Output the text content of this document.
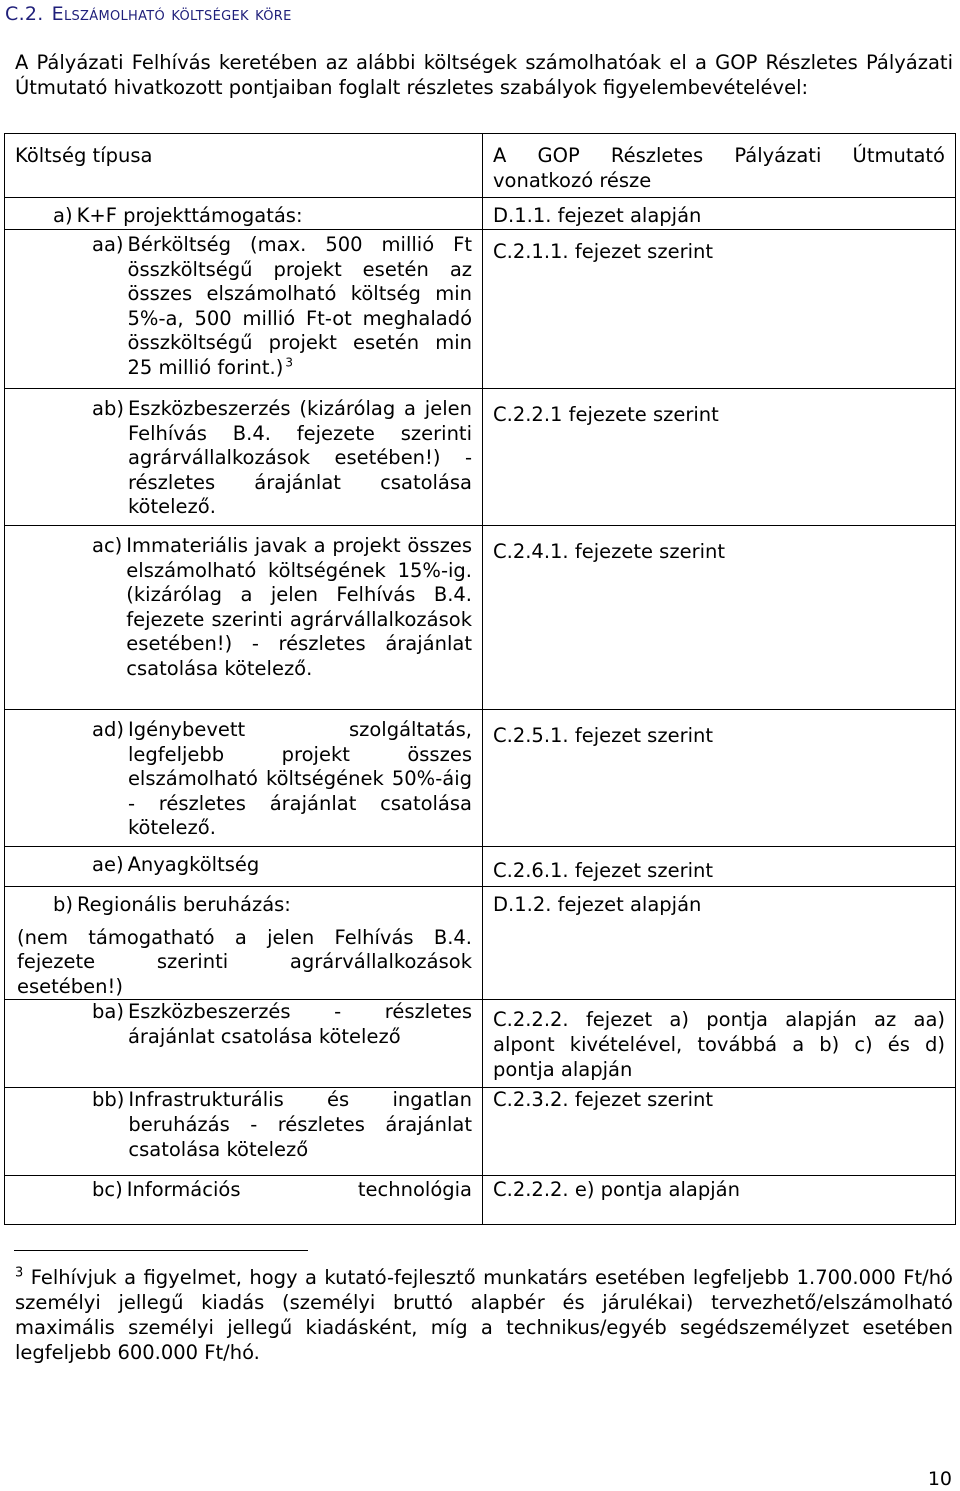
C.2. Elszámolható költségek köre
A Pályázati Felhívás keretében az alábbi költségek számolhatóak el a GOP Részletes Pályázati Útmutató hivatkozott pontjaiban foglalt részletes szabályok figyelembevételével:
Költség típusa	A GOP Részletes Pályázati Útmutató vonatkozó része

a) K+F projekttámogatás:	D.1.1. fejezet alapján

aa) Bérköltség (max. 500 millió Ft összköltségű projekt esetén az összes elszámolható költség min 5%-a, 500 millió Ft-ot meghaladó összköltségű projekt esetén min 25 millió forint.)  $^3$	C.2.1.1. fejezet szerint

ab) Eszközbeszerzés (kizárólag a jelen Felhívás B.4. fejezete szerinti agrárvállalkozások esetében!) - részletes árajánlat csatolása kötelező.	C.2.2.1 fejezete szerint

ac) Immateriális javak a projekt összes elszámolható költségének 15%-ig. (kizárólag a jelen Felhívás B.4. fejezete szerinti agrárvállalkozások esetében!) - részletes árajánlat csatolása kötelező.	C.2.4.1. fejezete szerint

ad) Igénybevett szolgáltatás, legfeljebb projekt összes elszámolható költségének 50%-áig - részletes árajánlat csatolása kötelező.	C.2.5.1. fejezet szerint

ae) Anyagköltség	C.2.6.1. fejezet szerint

b) Regionális beruházás:
(nem támogatható a jelen Felhívás B.4. fejezete szerinti agrárvállalkozások esetében!)	D.1.2. fejezet alapján

ba) Eszközbeszerzés - részletes árajánlat csatolása kötelező	C.2.2.2. fejezet a) pontja alapján az aa) alpont kivételével, továbbá a b) c) és d) pontja alapján

bb) Infrastrukturális és ingatlan beruházás - részletes árajánlat csatolása kötelező	C.2.3.2. fejezet szerint

bc) Információs technológia	C.2.2.2. e) pontja alapján
$^3$ Felhívjuk a figyelmet, hogy a kutató-fejlesztő munkatárs esetében legfeljebb 1.700.000 Ft/hó személyi jellegű kiadás (személyi bruttó alapbér és járulékai) tervezhető/elszámolható maximális személyi jellegű kiadásként, míg a technikus/egyéb segédszemélyzet esetében legfeljebb 600.000 Ft/hó.
10
